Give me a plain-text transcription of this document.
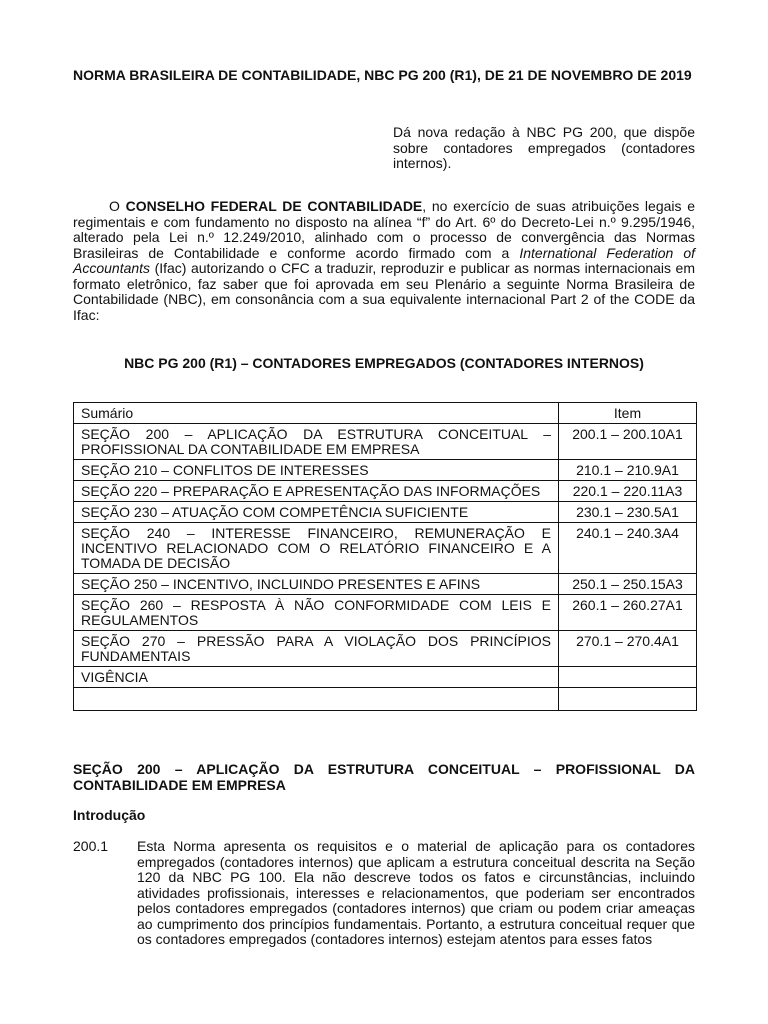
NORMA BRASILEIRA DE CONTABILIDADE, NBC PG 200 (R1), DE 21 DE NOVEMBRO DE 2019
Dá nova redação à NBC PG 200, que dispõe sobre contadores empregados (contadores internos).
O CONSELHO FEDERAL DE CONTABILIDADE, no exercício de suas atribuições legais e regimentais e com fundamento no disposto na alínea “f” do Art. 6º do Decreto-Lei n.º 9.295/1946, alterado pela Lei n.º 12.249/2010, alinhado com o processo de convergência das Normas Brasileiras de Contabilidade e conforme acordo firmado com a International Federation of Accountants (Ifac) autorizando o CFC a traduzir, reproduzir e publicar as normas internacionais em formato eletrônico, faz saber que foi aprovada em seu Plenário a seguinte Norma Brasileira de Contabilidade (NBC), em consonância com a sua equivalente internacional Part 2 of the CODE da Ifac:
NBC PG 200 (R1) – CONTADORES EMPREGADOS (CONTADORES INTERNOS)
Sumário	Item
SEÇÃO 200 – APLICAÇÃO DA ESTRUTURA CONCEITUAL – PROFISSIONAL DA CONTABILIDADE EM EMPRESA	200.1 – 200.10A1
SEÇÃO 210 – CONFLITOS DE INTERESSES	210.1 – 210.9A1
SEÇÃO 220 – PREPARAÇÃO E APRESENTAÇÃO DAS INFORMAÇÕES	220.1 – 220.11A3
SEÇÃO 230 – ATUAÇÃO COM COMPETÊNCIA SUFICIENTE	230.1 – 230.5A1
SEÇÃO 240 – INTERESSE FINANCEIRO, REMUNERAÇÃO E INCENTIVO RELACIONADO COM O RELATÓRIO FINANCEIRO E A TOMADA DE DECISÃO	240.1 – 240.3A4
SEÇÃO 250 – INCENTIVO, INCLUINDO PRESENTES E AFINS	250.1 – 250.15A3
SEÇÃO 260 – RESPOSTA À NÃO CONFORMIDADE COM LEIS E REGULAMENTOS	260.1 – 260.27A1
SEÇÃO 270 – PRESSÃO PARA A VIOLAÇÃO DOS PRINCÍPIOS FUNDAMENTAIS	270.1 – 270.4A1
VIGÊNCIA	

SEÇÃO 200 – APLICAÇÃO DA ESTRUTURA CONCEITUAL – PROFISSIONAL DA CONTABILIDADE EM EMPRESA
Introdução
200.1 Esta Norma apresenta os requisitos e o material de aplicação para os contadores empregados (contadores internos) que aplicam a estrutura conceitual descrita na Seção 120 da NBC PG 100. Ela não descreve todos os fatos e circunstâncias, incluindo atividades profissionais, interesses e relacionamentos, que poderiam ser encontrados pelos contadores empregados (contadores internos) que criam ou podem criar ameaças ao cumprimento dos princípios fundamentais. Portanto, a estrutura conceitual requer que os contadores empregados (contadores internos) estejam atentos para esses fatos
